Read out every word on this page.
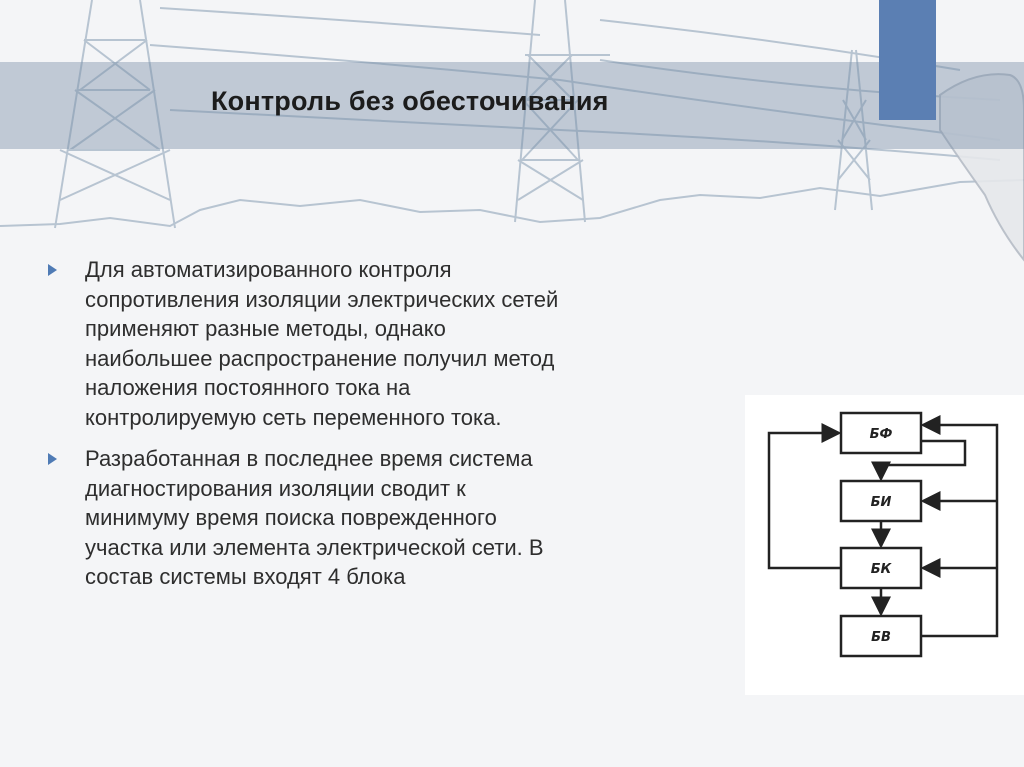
Контроль без обесточивания

Для автоматизированного контроля
сопротивления изоляции электрических сетей
применяют разные методы, однако
наибольшее распространение получил метод
наложения постоянного тока на
контролируемую сеть переменного тока.

Разработанная в последнее время система
диагностирования изоляции сводит к
минимуму время поиска поврежденного
участка или элемента электрической сети. В
состав системы входят 4 блока

БФ
БИ
БК
БВ
